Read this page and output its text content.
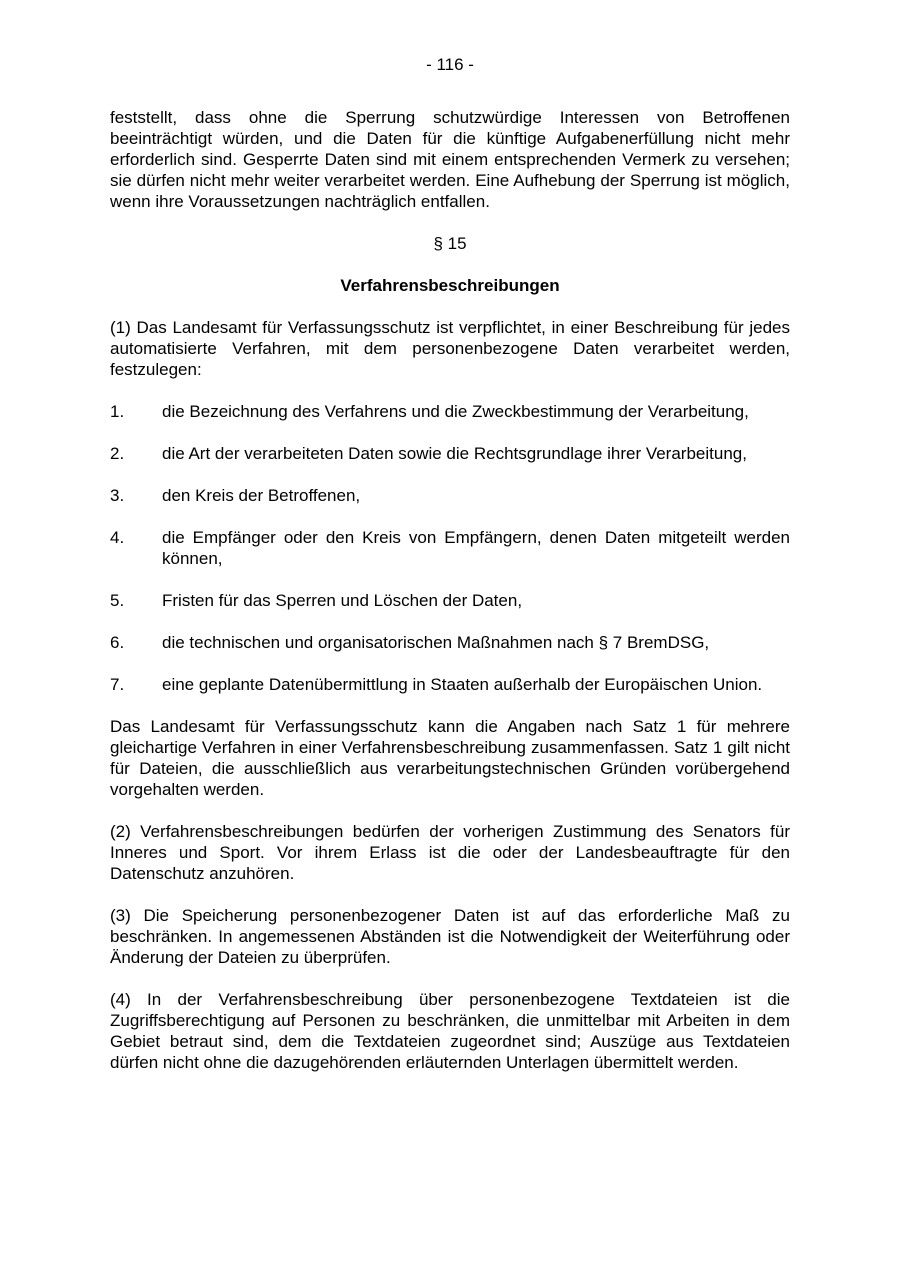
- 116 -

feststellt, dass ohne die Sperrung schutzwürdige Interessen von Betroffenen beeinträchtigt würden, und die Daten für die künftige Aufgabenerfüllung nicht mehr erforderlich sind. Gesperrte Daten sind mit einem entsprechenden Vermerk zu versehen; sie dürfen nicht mehr weiter verarbeitet werden. Eine Aufhebung der Sperrung ist möglich, wenn ihre Voraussetzungen nachträglich entfallen.

§ 15
Verfahrensbeschreibungen

(1) Das Landesamt für Verfassungsschutz ist verpflichtet, in einer Beschreibung für jedes automatisierte Verfahren, mit dem personenbezogene Daten verarbeitet werden, festzulegen:

1.	die Bezeichnung des Verfahrens und die Zweckbestimmung der Verarbeitung,
2.	die Art der verarbeiteten Daten sowie die Rechtsgrundlage ihrer Verarbeitung,
3.	den Kreis der Betroffenen,
4.	die Empfänger oder den Kreis von Empfängern, denen Daten mitgeteilt werden können,
5.	Fristen für das Sperren und Löschen der Daten,
6.	die technischen und organisatorischen Maßnahmen nach § 7 BremDSG,
7.	eine geplante Datenübermittlung in Staaten außerhalb der Europäischen Union.

Das Landesamt für Verfassungsschutz kann die Angaben nach Satz 1 für mehrere gleichartige Verfahren in einer Verfahrensbeschreibung zusammenfassen. Satz 1 gilt nicht für Dateien, die ausschließlich aus verarbeitungstechnischen Gründen vorübergehend vorgehalten werden.

(2) Verfahrensbeschreibungen bedürfen der vorherigen Zustimmung des Senators für Inneres und Sport. Vor ihrem Erlass ist die oder der Landesbeauftragte für den Datenschutz anzuhören.

(3) Die Speicherung personenbezogener Daten ist auf das erforderliche Maß zu beschränken. In angemessenen Abständen ist die Notwendigkeit der Weiterführung oder Änderung der Dateien zu überprüfen.

(4) In der Verfahrensbeschreibung über personenbezogene Textdateien ist die Zugriffsberechtigung auf Personen zu beschränken, die unmittelbar mit Arbeiten in dem Gebiet betraut sind, dem die Textdateien zugeordnet sind; Auszüge aus Textdateien dürfen nicht ohne die dazugehörenden erläuternden Unterlagen übermittelt werden.
